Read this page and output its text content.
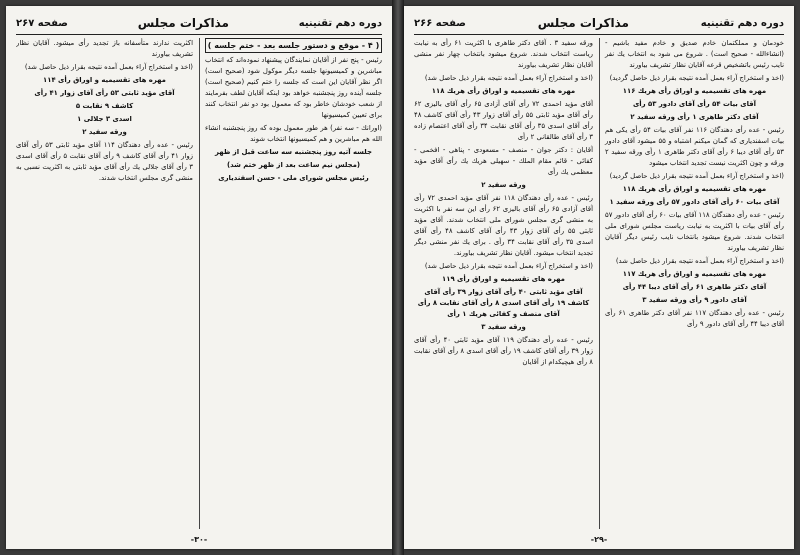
دوره دهم تقنینیه
مذاکرات مجلس
صفحه ۲۶۷

( ۴ - موقع و دستور جلسه بعد - ختم جلسه )

رئیس - پنج نفر از آقایان نمایندگان پیشنهاد نموده‌اند که انتخاب مباشرین و کمیسیونها جلسه دیگر موکول شود (صحیح است) اگر نظر آقایان این است که جلسه را ختم کنیم (صحیح است) جلسه آینده روز پنجشنبه خواهد بود اینکه آقایان لطف بفرمایند از شعب خودشان خاطر بود که معمول بود دو نفر انتخاب کنند برای تعیین کمیسیونها

(اورانك - سه نفر) هر طور معمول بوده که روز پنجشنبه انشاء الله هم مباشرین و هم کمیسیونها انتخاب شوند

جلسه آتیه روز پنجشنبه سه ساعت قبل از ظهر

(مجلس نیم ساعت بعد از ظهر ختم شد)

رئیس مجلس شورای ملی - حسن اسفندیاری

اکثریت ندارند متأسفانه باز تجدید رأی میشود. آقایان نظار تشریف بیاورند

(اخذ و استخراج آراء بعمل آمده نتیجه بقرار ذیل حاصل شد)

مهره های تقسیمیه و اوراق رأی ۱۱۴

آقای مؤید ثابتی ۵۳ رأی آقای زوار ۴۱ رأی

کاشف ۹ نقابت ۵

اسدی ۳ جلالی ۱

ورقه سفید ۲

رئیس - عده رأی دهندگان ۱۱۴ آقای مؤید ثابتی ۵۳ رأی آقای زوار ۴۱ رأی آقای کاشف ۹ رأی آقای نقابت ۵ رأی آقای اسدی ۳ رأی آقای جلالی یك رأی آقای مؤید ثابتی به اکثریت نسبی به منشی گری مجلس انتخاب شدند.

-۳۰-
دوره دهم تقنینیه
مذاکرات مجلس
صفحه ۲۶۶

خودمان و مملکتمان خادم صدیق و خادم مفید باشیم - (انشاءالله - صحیح است) . شروع می شود به انتخاب یك نفر نایب رئیس باتشخیص قرعه آقایان نظار تشریف بیاورند

(اخذ و استخراج آراء بعمل آمده نتیجه بقرار ذیل حاصل گردید)

مهره های تقسیمیه و اوراق رأی هریك ۱۱۶

آقای بیات ۵۴ رأی آقای دادور ۵۳ رأی

آقای دکتر طاهری ۱ رأی ورقه سفید ۲

رئیس - عده رأی دهندگان ۱۱۶ نفر آقای بیات ۵۴ رأی یکی هم بیات اسفندیاری که گمان میکنم اشتباه و ۵۵ میشود آقای دادور ۵۳ رأی آقای دیبا ۶ رأی آقای دکتر طاهری ۱ رأی ورقه سفید ۲ ورقه و چون اکثریت نیست تجدید انتخاب میشود

(اخذ و استخراج آراء بعمل آمده نتیجه بقرار ذیل حاصل گردید)

مهره های تقسیمیه و اوراق رأی هریك ۱۱۸

آقای بیات ۶۰ رأی آقای دادور ۵۷ رأی ورقه سفید ۱

رئیس - عده رأی دهندگان ۱۱۸ آقای بیات ۶۰ رأی آقای دادور ۵۷ رأی آقای بیات با اکثریت به نیابت ریاست مجلس شورای ملی انتخاب شدند. شروع میشود بانتخاب نایب رئیس دیگر آقایان نظار تشریف بیاورند

(اخذ و استخراج آراء بعمل آمده نتیجه بقرار ذیل حاصل شد)

مهره های تقسیمیه و اوراق رأی هریك ۱۱۷

آقای دکتر طاهری ۶۱ رأی آقای دیبا ۴۴ رأی

آقای دادور ۹ رأی ورقه سفید ۳

رئیس - عده رأی دهندگان ۱۱۷ نفر آقای دکتر طاهری ۶۱ رأی آقای دیبا ۴۴ رأی آقای دادور ۹ رأی

ورقه سفید ۳ . آقای دکتر طاهری با اکثریت ۶۱ رأی به نیابت ریاست انتخاب شدند. شروع میشود بانتخاب چهار نفر منشی آقایان نظار تشریف بیاورند

(اخذ و استخراج آراء بعمل آمده نتیجه بقرار ذیل حاصل شد)

مهره های تقسیمیه و اوراق رأی هریك ۱۱۸

آقای مؤید احمدی ۷۲ رأی آقای آزادی ۶۵ رأی آقای بالیزی ۶۲ رأی آقای مؤید ثابتی ۵۵ رأی آقای زوار ۴۳ رأی آقای کاشف ۴۸ رأی آقای اسدی ۳۵ رأی آقای نقابت ۳۴ رأی آقای اعتصام زاده ۳ رأی آقای طالقانی ۲ رأی

آقایان : دکتر جوان - منصف - مسعودی - پناهی - افخمی - کفائی - قائم مقام الملك - سهیلی هریك یك رأی آقای مؤید معظمی یك رأی

ورقه سفید ۲

رئیس - عده رأی دهندگان ۱۱۸ نفر آقای مؤید احمدی ۷۲ رأی آقای آزادی ۶۵ رأی آقای بالیزی ۶۲ رأی این سه نفر با اکثریت به منشی گری مجلس شورای ملی انتخاب شدند. آقای مؤید ثابتی ۵۵ رأی آقای زوار ۴۳ رأی آقای کاشف ۴۸ رأی آقای اسدی ۳۵ رأی آقای نقابت ۳۴ رأی . برای یك نفر منشی دیگر تجدید انتخاب میشود. آقایان نظار تشریف بیاورند.

(اخذ و استخراج آراء بعمل آمده نتیجه بقرار ذیل حاصل شد)

مهره های تقسیمیه و اوراق رأی ۱۱۹

آقای مؤید ثابتی ۴۰ رأی آقای زوار ۳۹ رأی آقای کاشف ۱۹ رأی آقای اسدی ۸ رأی آقای نقابت ۸ رأی آقای منصف و کفائی هریك ۱ رأی

ورقه سفید ۳

رئیس - عده رأی دهندگان ۱۱۹ آقای مؤید ثابتی ۴۰ رأی آقای زوار ۳۹ رأی آقای کاشف ۱۹ رأی آقای اسدی ۸ رأی آقای نقابت ۸ رأی هیچیکدام از آقایان

-۲۹-
